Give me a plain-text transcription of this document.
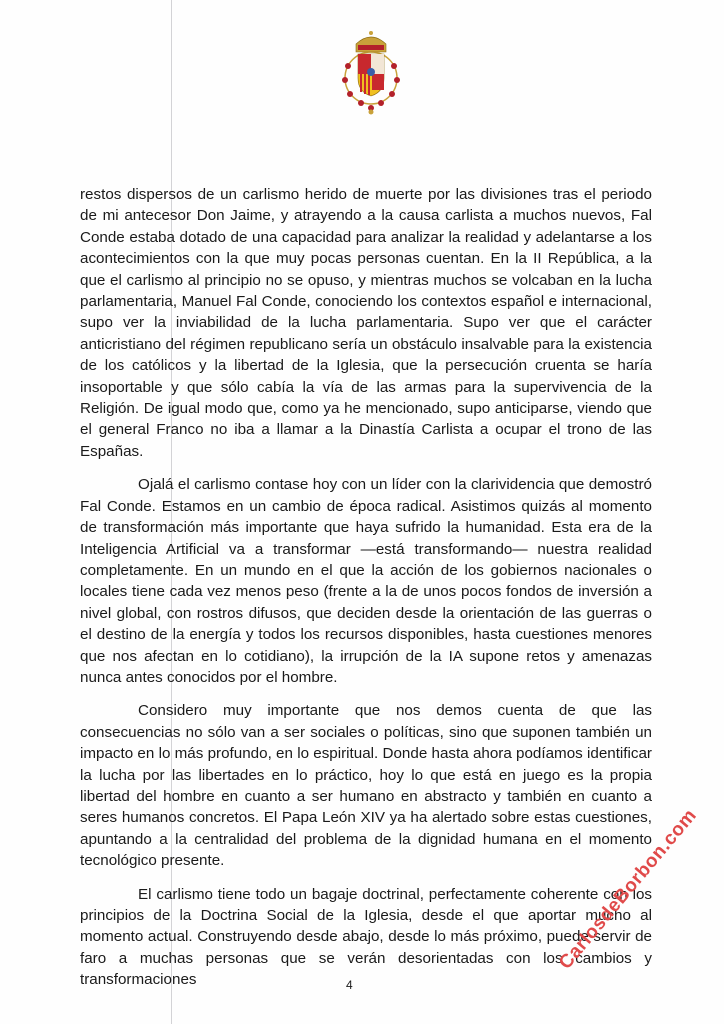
restos dispersos de un carlismo herido de muerte por las divisiones tras el periodo de mi antecesor Don Jaime, y atrayendo a la causa carlista a muchos nuevos, Fal Conde estaba dotado de una capacidad para analizar la realidad y adelantarse a los acontecimientos con la que muy pocas personas cuentan. En la II República, a la que el carlismo al principio no se opuso, y mientras muchos se volcaban en la lucha parlamentaria, Manuel Fal Conde, conociendo los contextos español e internacional, supo ver la inviabilidad de la lucha parlamentaria. Supo ver que el carácter anticristiano del régimen republicano sería un obstáculo insalvable para la existencia de los católicos y la libertad de la Iglesia, que la persecución cruenta se haría insoportable y que sólo cabía la vía de las armas para la supervivencia de la Religión. De igual modo que, como ya he mencionado, supo anticiparse, viendo que el general Franco no iba a llamar a la Dinastía Carlista a ocupar el trono de las Españas.

Ojalá el carlismo contase hoy con un líder con la clarividencia que demostró Fal Conde. Estamos en un cambio de época radical. Asistimos quizás al momento de transformación más importante que haya sufrido la humanidad. Esta era de la Inteligencia Artificial va a transformar —está transformando— nuestra realidad completamente. En un mundo en el que la acción de los gobiernos nacionales o locales tiene cada vez menos peso (frente a la de unos pocos fondos de inversión a nivel global, con rostros difusos, que deciden desde la orientación de las guerras o el destino de la energía y todos los recursos disponibles, hasta cuestiones menores que nos afectan en lo cotidiano), la irrupción de la IA supone retos y amenazas nunca antes conocidos por el hombre.

Considero muy importante que nos demos cuenta de que las consecuencias no sólo van a ser sociales o políticas, sino que suponen también un impacto en lo más profundo, en lo espiritual. Donde hasta ahora podíamos identificar la lucha por las libertades en lo práctico, hoy lo que está en juego es la propia libertad del hombre en cuanto a ser humano en abstracto y también en cuanto a seres humanos concretos. El Papa León XIV ya ha alertado sobre estas cuestiones, apuntando a la centralidad del problema de la dignidad humana en el momento tecnológico presente.

El carlismo tiene todo un bagaje doctrinal, perfectamente coherente con los principios de la Doctrina Social de la Iglesia, desde el que aportar mucho al momento actual. Construyendo desde abajo, desde lo más próximo, puede servir de faro a muchas personas que se verán desorientadas con los cambios y transformaciones	4
CarlosdeBorbon.com
